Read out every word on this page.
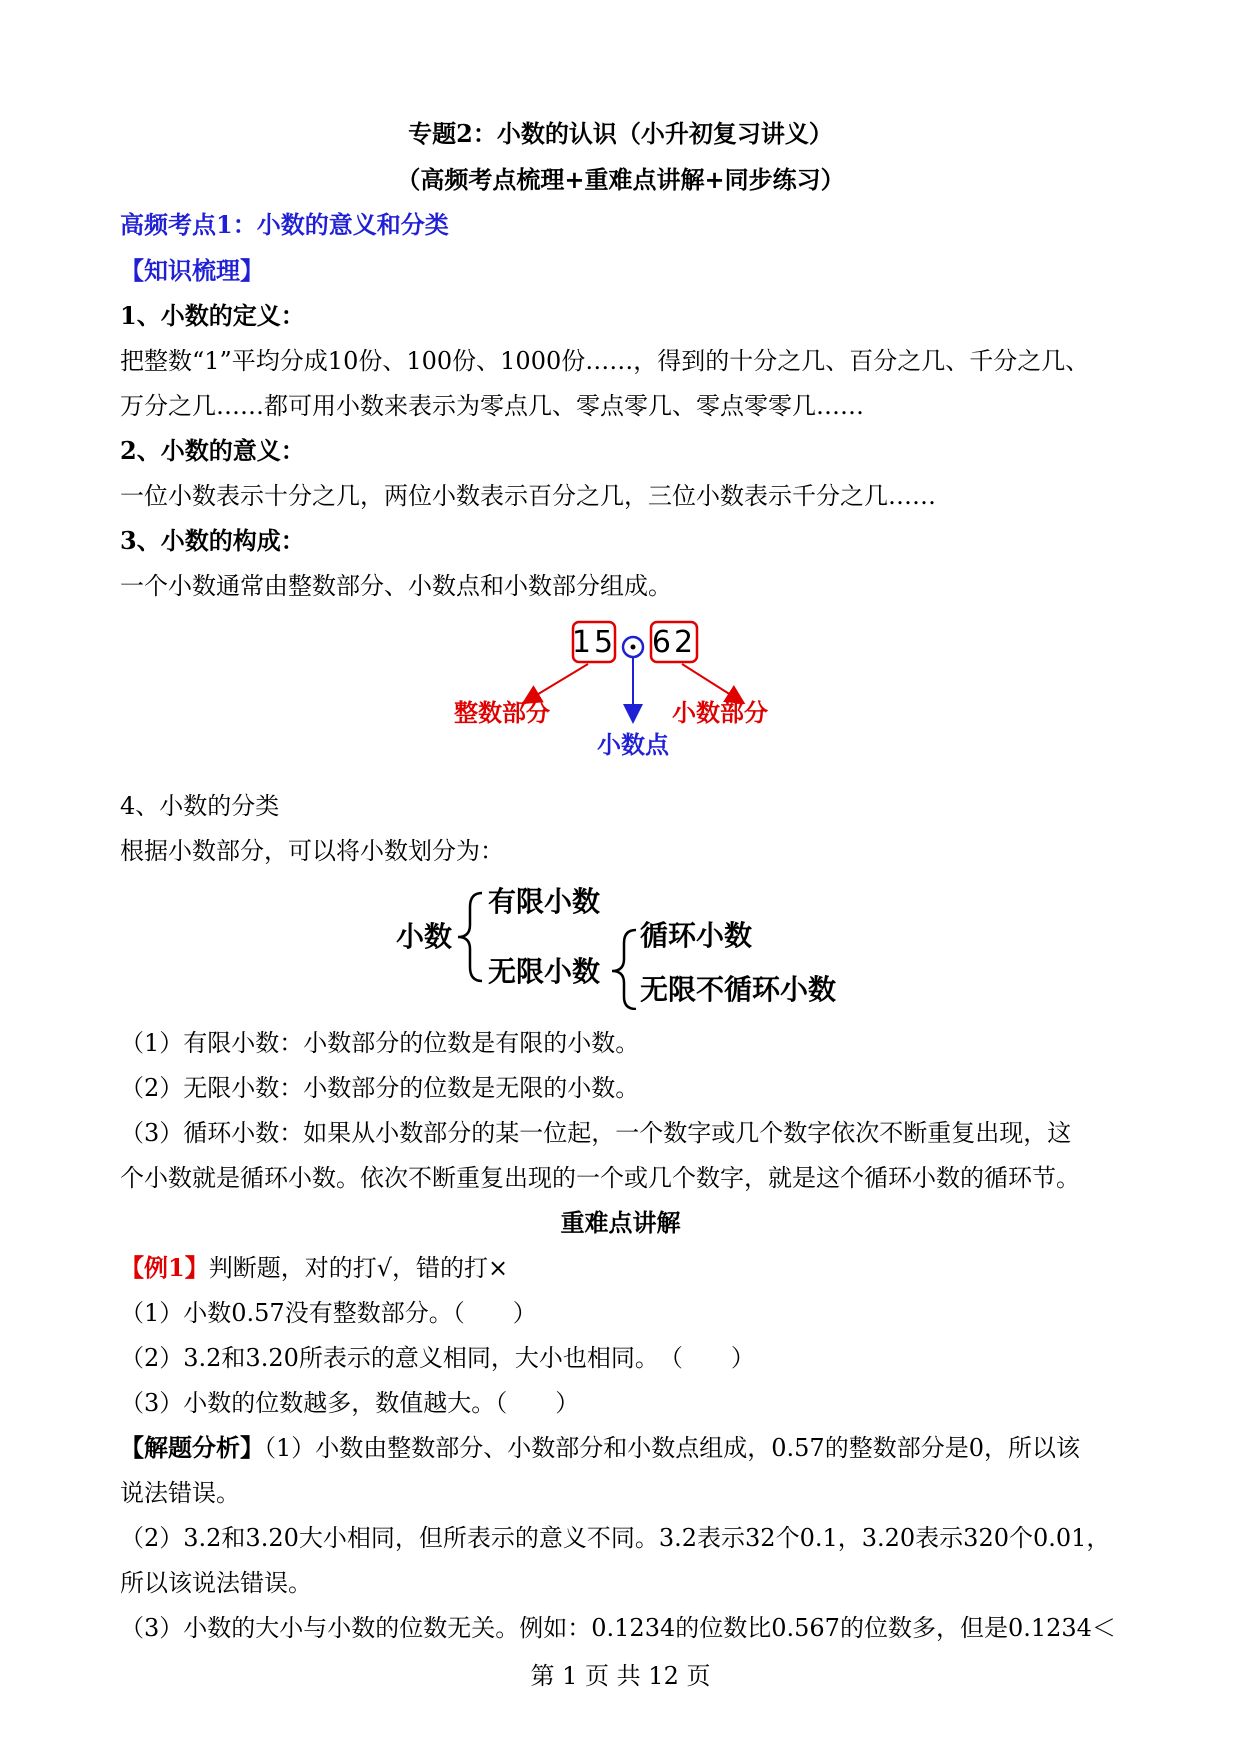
专题2：小数的认识（小升初复习讲义）
（高频考点梳理+重难点讲解+同步练习）
高频考点1：小数的意义和分类
【知识梳理】
1、小数的定义：
把整数“1”平均分成10份、100份、1000份……，得到的十分之几、百分之几、千分之几、
万分之几……都可用小数来表示为零点几、零点零几、零点零零几……
2、小数的意义：
一位小数表示十分之几，两位小数表示百分之几，三位小数表示千分之几……
3、小数的构成：
一个小数通常由整数部分、小数点和小数部分组成。
15 62
整数部分	小数部分
小数点
4、小数的分类
根据小数部分，可以将小数划分为：
小数
有限小数
无限小数
循环小数
无限不循环小数
（1）有限小数：小数部分的位数是有限的小数。
（2）无限小数：小数部分的位数是无限的小数。
（3）循环小数：如果从小数部分的某一位起，一个数字或几个数字依次不断重复出现，这
个小数就是循环小数。依次不断重复出现的一个或几个数字，就是这个循环小数的循环节。
重难点讲解
【例1】判断题，对的打√，错的打×
（1）小数0.57没有整数部分。（　　）
（2）3.2和3.20所表示的意义相同，大小也相同。　（　　）
（3）小数的位数越多，数值越大。（　　）
【解题分析】（1）小数由整数部分、小数部分和小数点组成，0.57的整数部分是0，所以该
说法错误。
（2）3.2和3.20大小相同，但所表示的意义不同。3.2表示32个0.1，3.20表示320个0.01，
所以该说法错误。
（3）小数的大小与小数的位数无关。例如：0.1234的位数比0.567的位数多，但是0.1234＜
第 1 页 共 12 页
